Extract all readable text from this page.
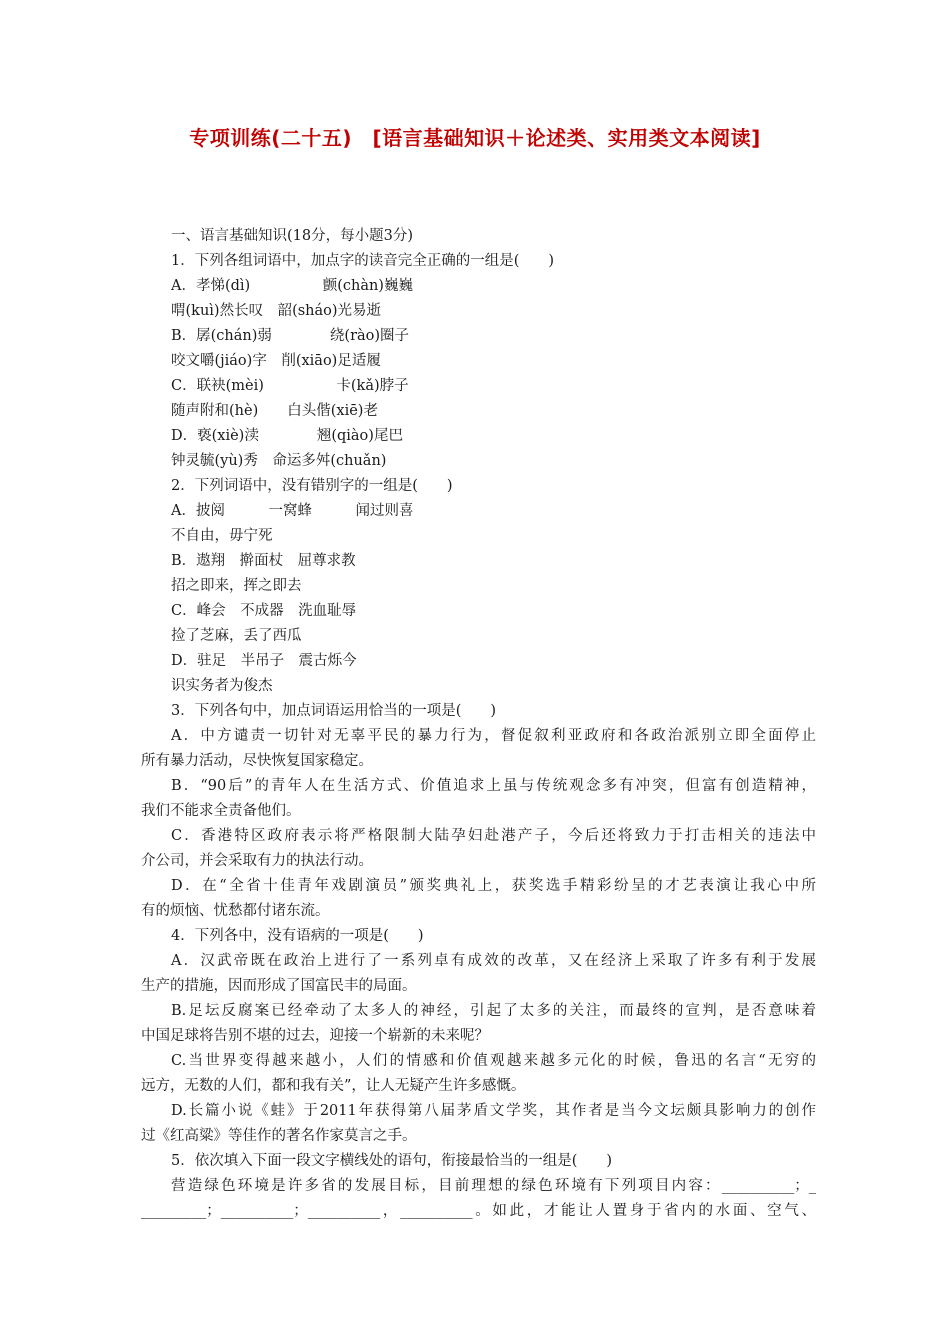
专项训练(二十五)　[语言基础知识＋论述类、实用类文本阅读]
一、语言基础知识(18分，每小题3分)
1．下列各组词语中，加点字的读音完全正确的一组是(　　)
A．孝悌(dì)　　　　　颤(chàn)巍巍
喟(kuì)然长叹　韶(sháo)光易逝
B．孱(chán)弱　　　　绕(rào)圈子
咬文嚼(jiáo)字　削(xiāo)足适履
C．联袂(mèi)　　　　　卡(kǎ)脖子
随声附和(hè)　　白头偕(xiē)老
D．亵(xiè)渎　　　　翘(qiào)尾巴
钟灵毓(yù)秀　命运多舛(chuǎn)
2．下列词语中，没有错别字的一组是(　　)
A．披阅　　　一窝蜂　　　闻过则喜
不自由，毋宁死
B．遨翔　擀面杖　屈尊求教
招之即来，挥之即去
C．峰会　不成器　洗血耻辱
捡了芝麻，丢了西瓜
D．驻足　半吊子　震古烁今
识实务者为俊杰
3．下列各句中，加点词语运用恰当的一项是(　　)
A．中方谴责一切针对无辜平民的暴力行为，督促叙利亚政府和各政治派别立即全面停止
所有暴力活动，尽快恢复国家稳定。
B．“90后”的青年人在生活方式、价值追求上虽与传统观念多有冲突，但富有创造精神，
我们不能求全责备他们。
C．香港特区政府表示将严格限制大陆孕妇赴港产子，今后还将致力于打击相关的违法中
介公司，并会采取有力的执法行动。
D．在“全省十佳青年戏剧演员”颁奖典礼上，获奖选手精彩纷呈的才艺表演让我心中所
有的烦恼、忧愁都付诸东流。
4．下列各中，没有语病的一项是(　　)
A．汉武帝既在政治上进行了一系列卓有成效的改革，又在经济上采取了许多有利于发展
生产的措施，因而形成了国富民丰的局面。
B.足坛反腐案已经牵动了太多人的神经，引起了太多的关注，而最终的宣判，是否意味着
中国足球将告别不堪的过去，迎接一个崭新的未来呢？
C.当世界变得越来越小，人们的情感和价值观越来越多元化的时候，鲁迅的名言“无穷的
远方，无数的人们，都和我有关”，让人无疑产生许多感慨。
D.长篇小说《蛙》于2011年获得第八届茅盾文学奖，其作者是当今文坛颇具影响力的创作
过《红高粱》等佳作的著名作家莫言之手。
5．依次填入下面一段文字横线处的语句，衔接最恰当的一组是(　　)
营造绿色环境是许多省的发展目标，目前理想的绿色环境有下列项目内容：__________；_
_________；__________；__________，__________。如此，才能让人置身于省内的水面、空气、
